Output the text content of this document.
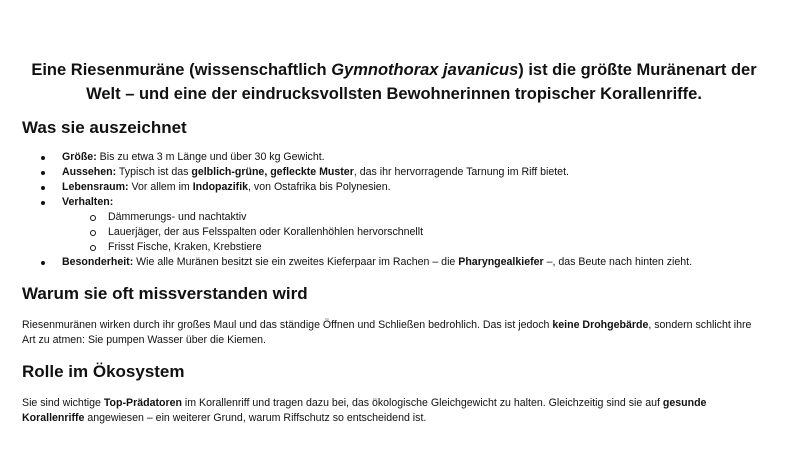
Eine Riesenmuräne (wissenschaftlich Gymnothorax javanicus) ist die größte Muränenart der Welt – und eine der eindrucksvollsten Bewohnerinnen tropischer Korallenriffe.
Was sie auszeichnet
Größe: Bis zu etwa 3 m Länge und über 30 kg Gewicht.
Aussehen: Typisch ist das gelblich-grüne, gefleckte Muster, das ihr hervorragende Tarnung im Riff bietet.
Lebensraum: Vor allem im Indopazifik, von Ostafrika bis Polynesien.
Verhalten:
Dämmerungs- und nachtaktiv
Lauerjäger, der aus Felsspalten oder Korallenhöhlen hervorschnellt
Frisst Fische, Kraken, Krebstiere
Besonderheit: Wie alle Muränen besitzt sie ein zweites Kieferpaar im Rachen – die Pharyngealkiefer –, das Beute nach hinten zieht.
Warum sie oft missverstanden wird
Riesenmuränen wirken durch ihr großes Maul und das ständige Öffnen und Schließen bedrohlich. Das ist jedoch keine Drohgebärde, sondern schlicht ihre Art zu atmen: Sie pumpen Wasser über die Kiemen.
Rolle im Ökosystem
Sie sind wichtige Top-Prädatoren im Korallenriff und tragen dazu bei, das ökologische Gleichgewicht zu halten. Gleichzeitig sind sie auf gesunde Korallenriffe angewiesen – ein weiterer Grund, warum Riffschutz so entscheidend ist.
